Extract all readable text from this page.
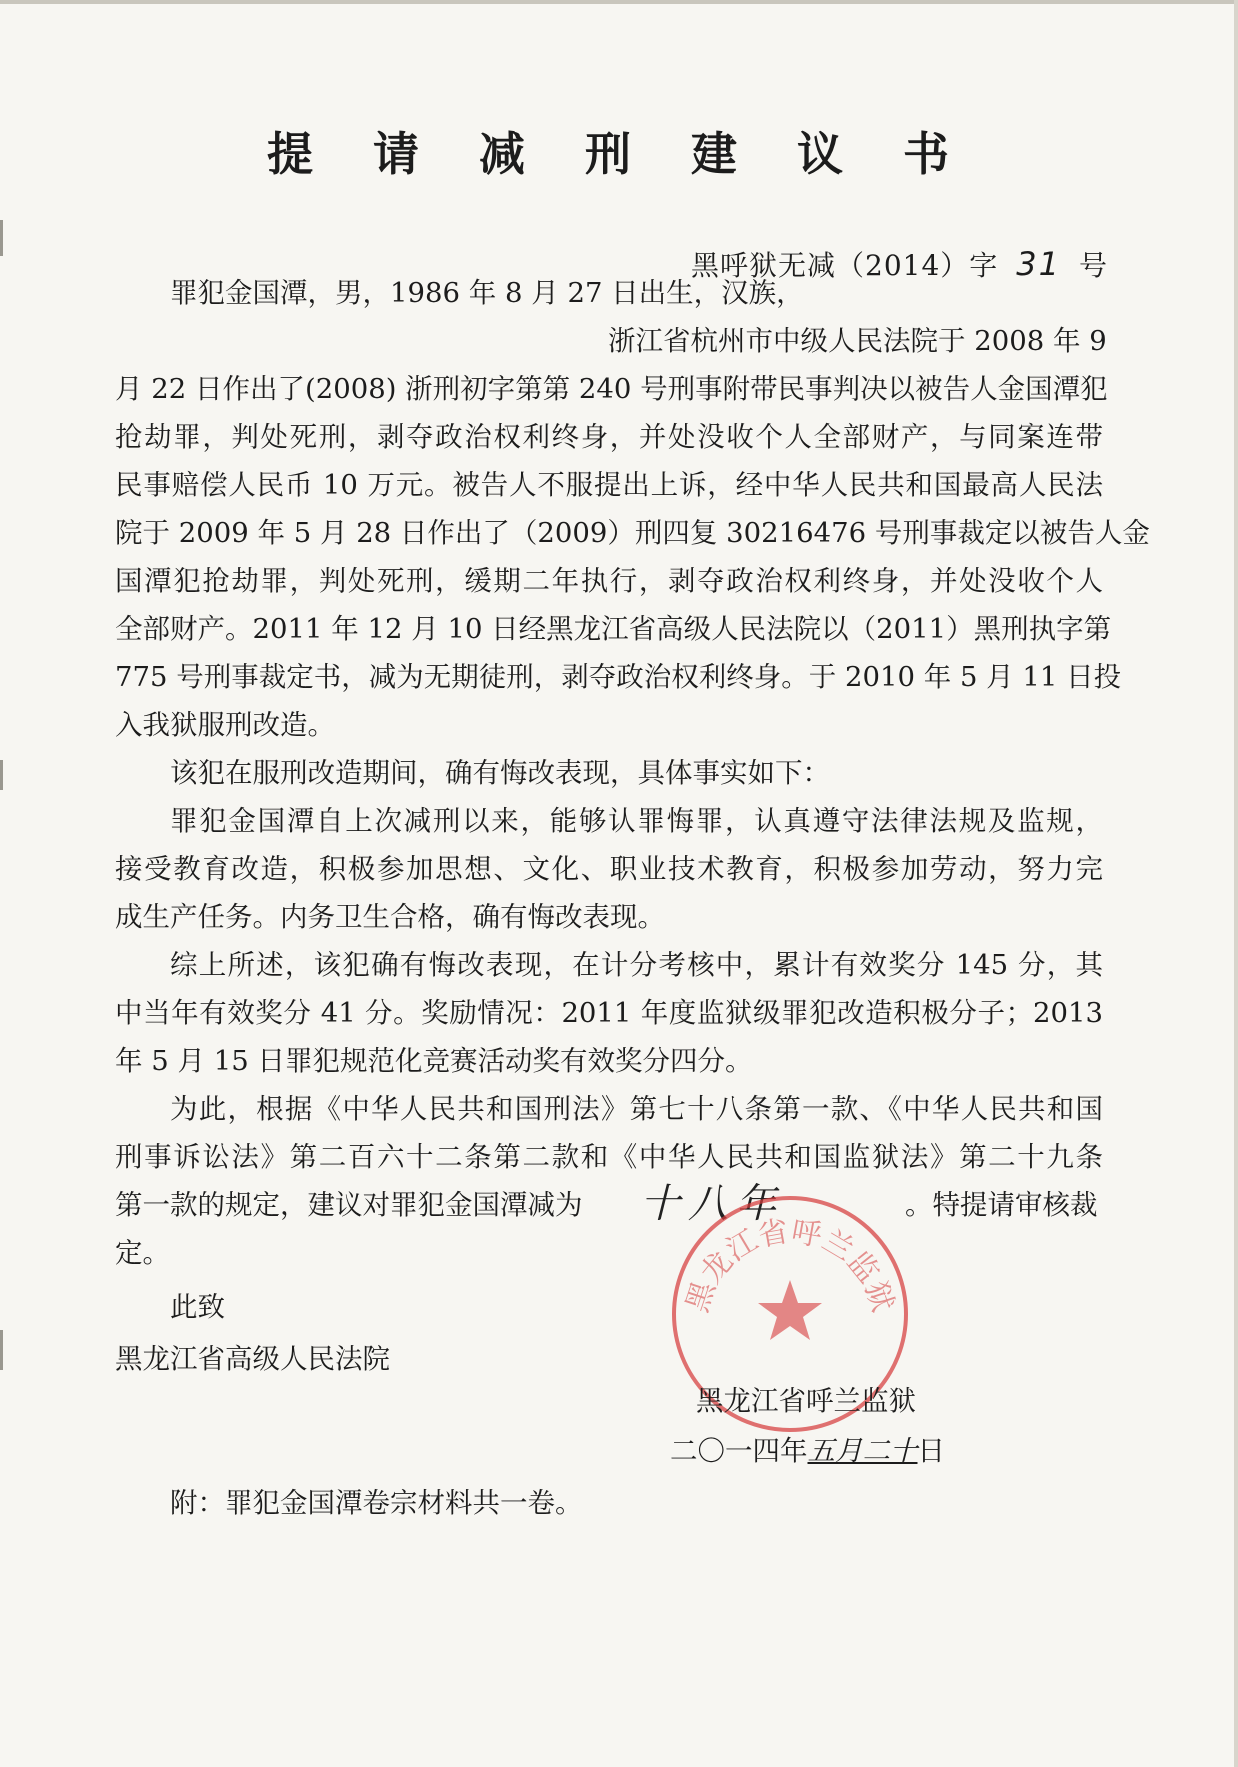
提 请 减 刑 建 议 书
黑呼狱无减（2014）字 31 号
罪犯金国潭，男，1986 年 8 月 27 日出生，汉族，
浙江省杭州市中级人民法院于 2008 年 9
月 22 日作出了(2008) 浙刑初字第第 240 号刑事附带民事判决以被告人金国潭犯
抢劫罪，判处死刑，剥夺政治权利终身，并处没收个人全部财产，与同案连带
民事赔偿人民币 10 万元。被告人不服提出上诉，经中华人民共和国最高人民法
院于 2009 年 5 月 28 日作出了（2009）刑四复 30216476 号刑事裁定以被告人金
国潭犯抢劫罪，判处死刑，缓期二年执行，剥夺政治权利终身，并处没收个人
全部财产。2011 年 12 月 10 日经黑龙江省高级人民法院以（2011）黑刑执字第
775 号刑事裁定书，减为无期徒刑，剥夺政治权利终身。于 2010 年 5 月 11 日投
入我狱服刑改造。
该犯在服刑改造期间，确有悔改表现，具体事实如下：
罪犯金国潭自上次减刑以来，能够认罪悔罪，认真遵守法律法规及监规，
接受教育改造，积极参加思想、文化、职业技术教育，积极参加劳动，努力完
成生产任务。内务卫生合格，确有悔改表现。
综上所述，该犯确有悔改表现，在计分考核中，累计有效奖分 145 分，其
中当年有效奖分 41 分。奖励情况：2011 年度监狱级罪犯改造积极分子；2013
年 5 月 15 日罪犯规范化竞赛活动奖有效奖分四分。
为此，根据《中华人民共和国刑法》第七十八条第一款、《中华人民共和国
刑事诉讼法》第二百六十二条第二款和《中华人民共和国监狱法》第二十九条
第一款的规定，建议对罪犯金国潭减为 十八年	。特提请审核裁
定。
此致
黑龙江省高级人民法院
黑龙江省呼兰监狱
黑龙江省呼兰监狱
二〇一四年五月二十日
附：罪犯金国潭卷宗材料共一卷。
